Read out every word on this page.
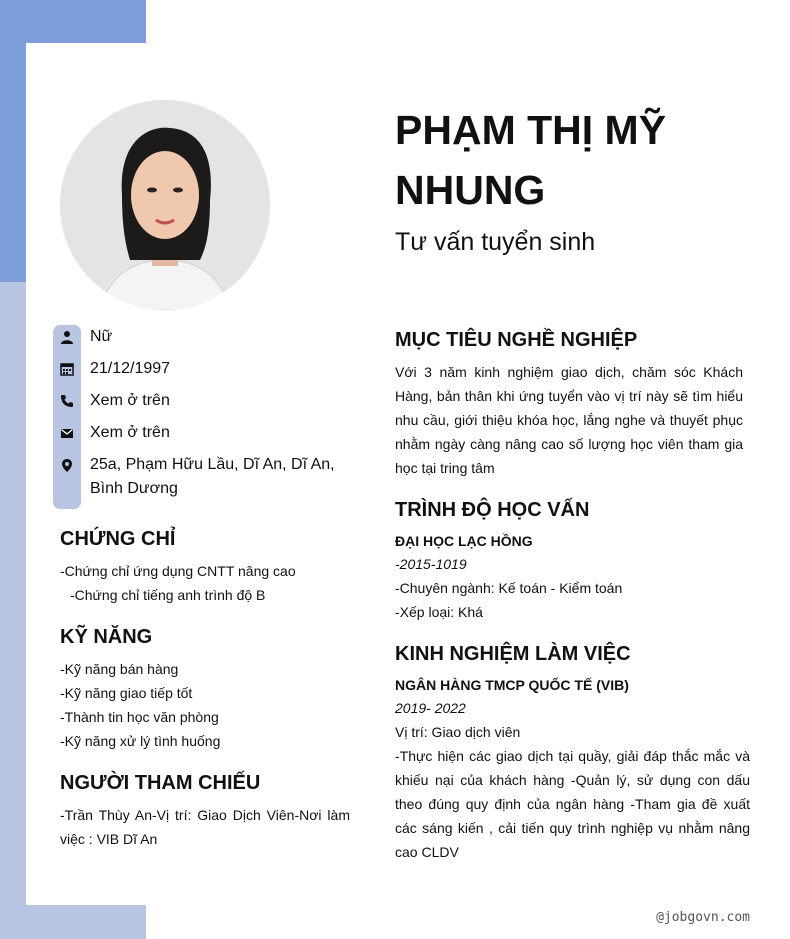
PHẠM THỊ MỸ NHUNG
Tư vấn tuyển sinh
Nữ
21/12/1997
Xem ở trên
Xem ở trên
25a, Phạm Hữu Lầu, Dĩ An, Dĩ An, Bình Dương
CHỨNG CHỈ

-Chứng chỉ ứng dụng CNTT nâng cao

-Chứng chỉ tiếng anh trình độ B

KỸ NĂNG

-Kỹ năng bán hàng

-Kỹ năng giao tiếp tốt

-Thành tin học văn phòng

-Kỹ năng xử lý tình huống

NGƯỜI THAM CHIẾU

-Trần Thùy An-Vị trí: Giao Dịch Viên-Nơi làm việc : VIB Dĩ An

MỤC TIÊU NGHỀ NGHIỆP

Với 3 năm kinh nghiệm giao dịch, chăm sóc Khách Hàng, bản thân khi ứng tuyển vào vị trí này sẽ tìm hiểu nhu cầu, giới thiệu khóa học, lắng nghe và thuyết phục nhằm ngày càng nâng cao số lượng học viên tham gia học tại tring tâm

TRÌNH ĐỘ HỌC VẤN

ĐẠI HỌC LẠC HỒNG

-2015-1019

-Chuyên ngành: Kế toán - Kiểm toán

-Xếp loại: Khá

KINH NGHIỆM LÀM VIỆC

NGÂN HÀNG TMCP QUỐC TẾ (VIB)

2019- 2022

Vị trí: Giao dịch viên

-Thực hiện các giao dịch tại quầy, giải đáp thắc mắc và khiếu nại của khách hàng -Quản lý, sử dụng con dấu theo đúng quy định của ngân hàng -Tham gia đề xuất các sáng kiến , cải tiến quy trình nghiệp vụ nhằm nâng cao CLDV

@jobgovn.com
